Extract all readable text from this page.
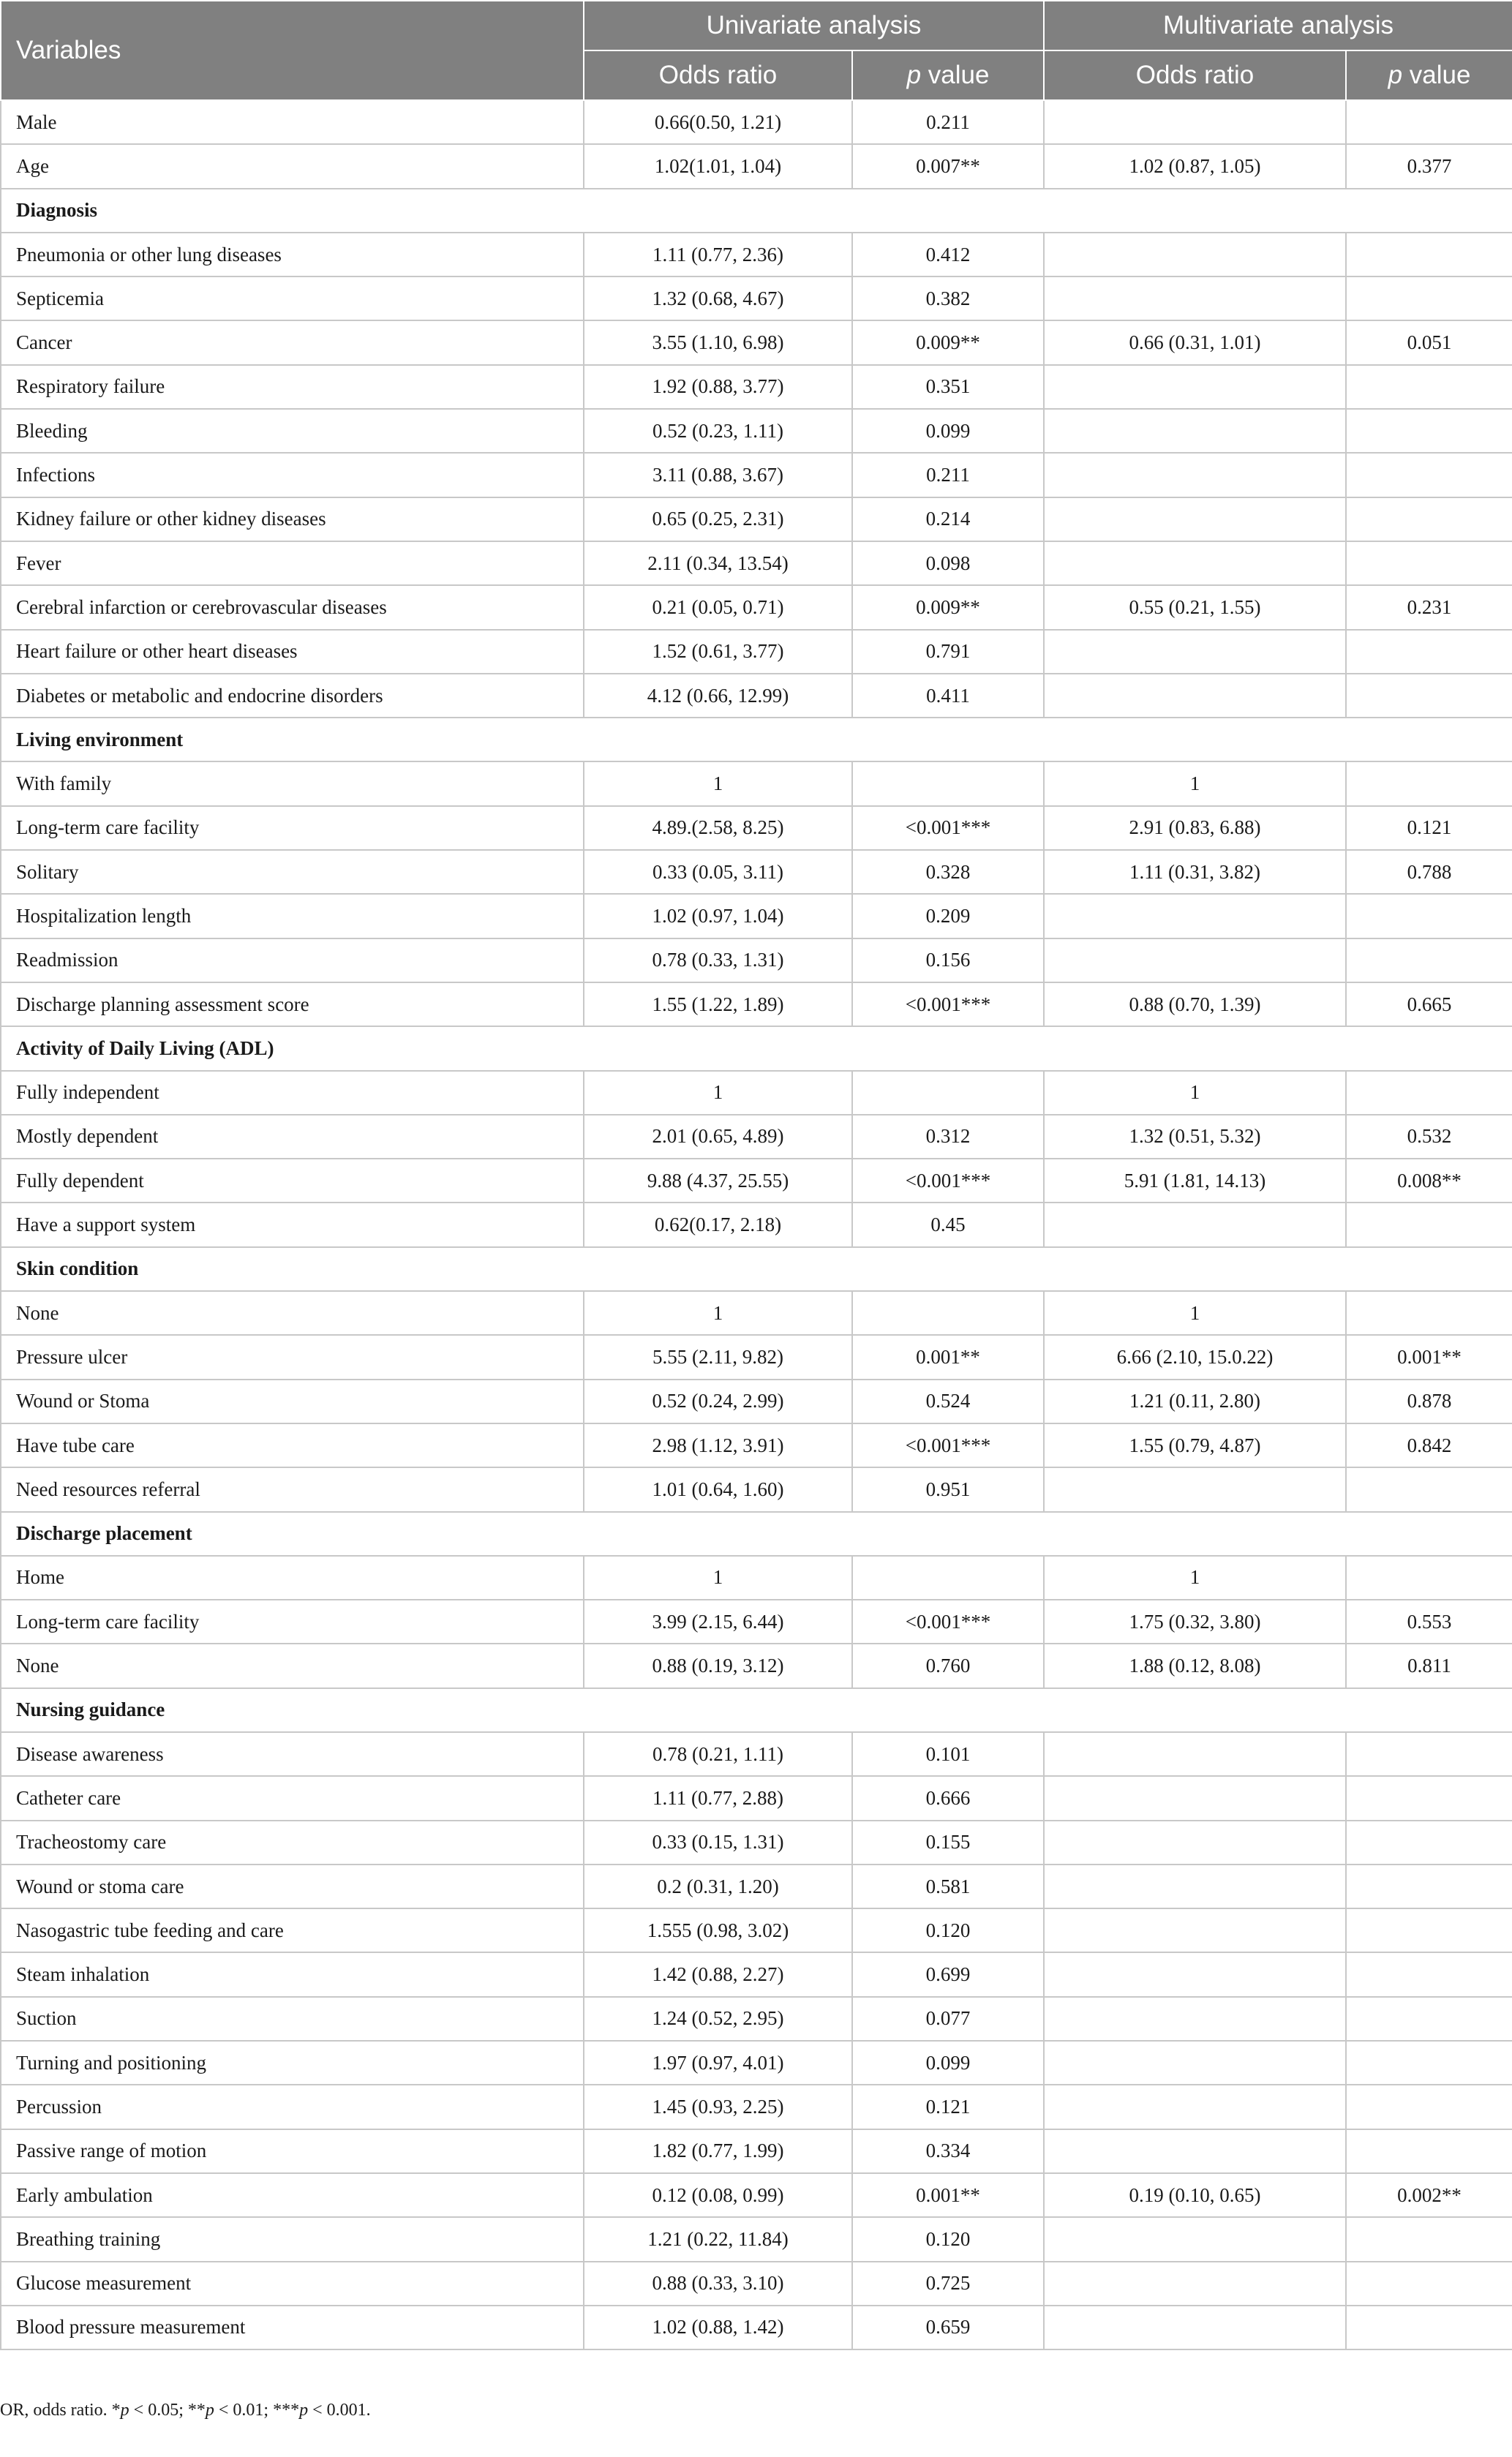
Variables	Univariate analysis		Multivariate analysis	
	Odds ratio	p value	Odds ratio	p value
Male	0.66(0.50, 1.21)	0.211		
Age	1.02(1.01, 1.04)	0.007**	1.02 (0.87, 1.05)	0.377
Diagnosis				
Pneumonia or other lung diseases	1.11 (0.77, 2.36)	0.412		
Septicemia	1.32 (0.68, 4.67)	0.382		
Cancer	3.55 (1.10, 6.98)	0.009**	0.66 (0.31, 1.01)	0.051
Respiratory failure	1.92 (0.88, 3.77)	0.351		
Bleeding	0.52 (0.23, 1.11)	0.099		
Infections	3.11 (0.88, 3.67)	0.211		
Kidney failure or other kidney diseases	0.65 (0.25, 2.31)	0.214		
Fever	2.11 (0.34, 13.54)	0.098		
Cerebral infarction or cerebrovascular diseases	0.21 (0.05, 0.71)	0.009**	0.55 (0.21, 1.55)	0.231
Heart failure or other heart diseases	1.52 (0.61, 3.77)	0.791		
Diabetes or metabolic and endocrine disorders	4.12 (0.66, 12.99)	0.411		
Living environment				
With family	1		1	
Long-term care facility	4.89.(2.58, 8.25)	<0.001***	2.91 (0.83, 6.88)	0.121
Solitary	0.33 (0.05, 3.11)	0.328	1.11 (0.31, 3.82)	0.788
Hospitalization length	1.02 (0.97, 1.04)	0.209		
Readmission	0.78 (0.33, 1.31)	0.156		
Discharge planning assessment score	1.55 (1.22, 1.89)	<0.001***	0.88 (0.70, 1.39)	0.665
Activity of Daily Living (ADL)				
Fully independent	1		1	
Mostly dependent	2.01 (0.65, 4.89)	0.312	1.32 (0.51, 5.32)	0.532
Fully dependent	9.88 (4.37, 25.55)	<0.001***	5.91 (1.81, 14.13)	0.008**
Have a support system	0.62(0.17, 2.18)	0.45		
Skin condition				
None	1		1	
Pressure ulcer	5.55 (2.11, 9.82)	0.001**	6.66 (2.10, 15.0.22)	0.001**
Wound or Stoma	0.52 (0.24, 2.99)	0.524	1.21 (0.11, 2.80)	0.878
Have tube care	2.98 (1.12, 3.91)	<0.001***	1.55 (0.79, 4.87)	0.842
Need resources referral	1.01 (0.64, 1.60)	0.951		
Discharge placement				
Home	1		1	
Long-term care facility	3.99 (2.15, 6.44)	<0.001***	1.75 (0.32, 3.80)	0.553
None	0.88 (0.19, 3.12)	0.760	1.88 (0.12, 8.08)	0.811
Nursing guidance				
Disease awareness	0.78 (0.21, 1.11)	0.101		
Catheter care	1.11 (0.77, 2.88)	0.666		
Tracheostomy care	0.33 (0.15, 1.31)	0.155		
Wound or stoma care	0.2 (0.31, 1.20)	0.581		
Nasogastric tube feeding and care	1.555 (0.98, 3.02)	0.120		
Steam inhalation	1.42 (0.88, 2.27)	0.699		
Suction	1.24 (0.52, 2.95)	0.077		
Turning and positioning	1.97 (0.97, 4.01)	0.099		
Percussion	1.45 (0.93, 2.25)	0.121		
Passive range of motion	1.82 (0.77, 1.99)	0.334		
Early ambulation	0.12 (0.08, 0.99)	0.001**	0.19 (0.10, 0.65)	0.002**
Breathing training	1.21 (0.22, 11.84)	0.120		
Glucose measurement	0.88 (0.33, 3.10)	0.725		
Blood pressure measurement	1.02 (0.88, 1.42)	0.659		
OR, odds ratio. *p < 0.05; **p < 0.01; ***p < 0.001.
